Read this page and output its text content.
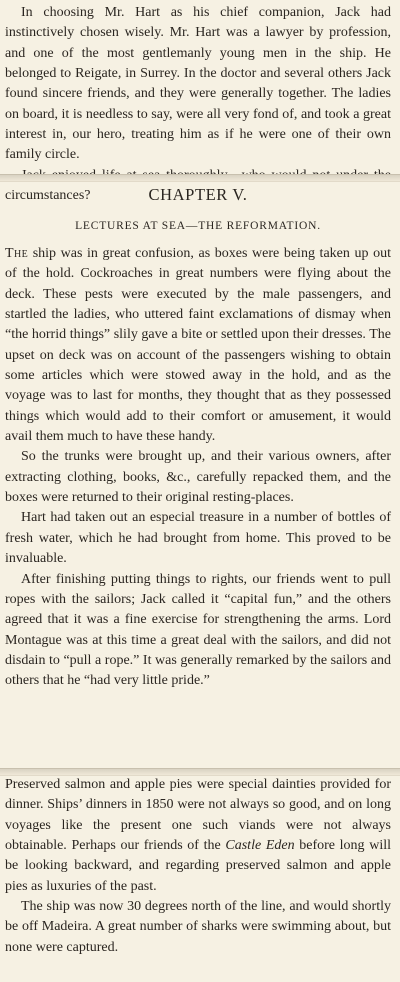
In choosing Mr. Hart as his chief companion, Jack had instinctively chosen wisely. Mr. Hart was a lawyer by profession, and one of the most gentlemanly young men in the ship. He belonged to Reigate, in Surrey. In the doctor and several others Jack found sincere friends, and they were generally together. The ladies on board, it is needless to say, were all very fond of, and took a great interest in, our hero, treating him as if he were one of their own family circle.

circumstances?	CHAPTER V.
LECTURES AT SEA—THE REFORMATION.

The ship was in great confusion, as boxes were being taken up out of the hold. Cockroaches in great numbers were flying about the deck. These pests were executed by the male passengers, and startled the ladies, who uttered faint exclamations of dismay when “the horrid things” slily gave a bite or settled upon their dresses. The upset on deck was on account of the passengers wishing to obtain some articles which were stowed away in the hold, and as the voyage was to last for months, they thought that as they possessed things which would add to their comfort or amusement, it would avail them much to have these handy.

So the trunks were brought up, and their various owners, after extracting clothing, books, &c., carefully repacked them, and the boxes were returned to their original resting-places.

Hart had taken out an especial treasure in a number of bottles of fresh water, which he had brought from home. This proved to be invaluable.

After finishing putting things to rights, our friends went to pull ropes with the sailors; Jack called it “capital fun,” and the others agreed that it was a fine exercise for strengthening the arms. Lord Montague was at this time a great deal with the sailors, and did not disdain to “pull a rope.” It was generally remarked by the sailors and others that he “had very little pride.”

Preserved salmon and apple pies were special dainties provided for dinner. Ships’ dinners in 1850 were not always so good, and on long voyages like the present one such viands were not always obtainable. Perhaps our friends of the Castle Eden before long will be looking backward, and regarding preserved salmon and apple pies as luxuries of the past.

The ship was now 30 degrees north of the line, and would shortly be off Madeira. A great number of sharks were swimming about, but none were captured.
